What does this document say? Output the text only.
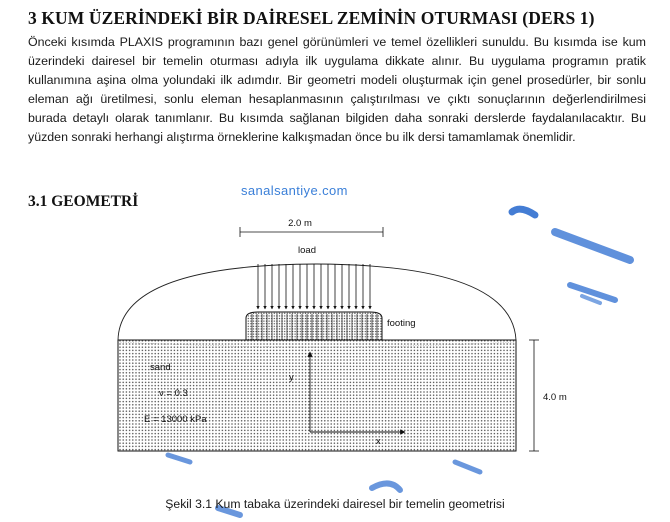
3 KUM ÜZERİNDEKİ BİR DAİRESEL ZEMİNİN OTURMASI (DERS 1)

Önceki kısımda PLAXIS programının bazı genel görünümleri ve temel özellikleri sunuldu. Bu kısımda ise kum üzerindeki dairesel bir temelin oturması adıyla ilk uygulama dikkate alınır. Bu uygulama programın pratik kullanımına aşina olma yolundaki ilk adımdır. Bir geometri modeli oluşturmak için genel prosedürler, bir sonlu eleman ağı üretilmesi, sonlu eleman hesaplanmasının çalıştırılması ve çıktı sonuçlarının değerlendirilmesi burada detaylı olarak tanımlanır. Bu kısımda sağlanan bilgiden daha sonraki derslerde faydalanılacaktır. Bu yüzden sonraki herhangi alıştırma örneklerine kalkışmadan önce bu ilk dersi tamamlamak önemlidir.

3.1 GEOMETRİ
sanalsantiye.com
2.0 m
load
footing
sand
ν = 0.3
E = 13000 kPa
y
x
4.0 m
Şekil 3.1 Kum tabaka üzerindeki dairesel bir temelin geometrisi
